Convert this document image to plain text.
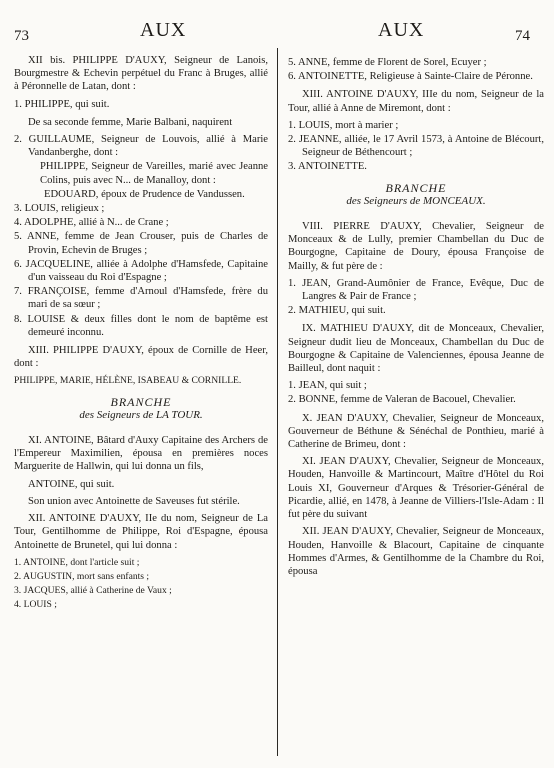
73	AUX	AUX	74

XII bis. PHILIPPE D'AUXY, Seigneur de Lanois, Bourgmestre & Echevin perpétuel du Franc à Bruges, allié à Péronnelle de Latan, dont :

1. PHILIPPE, qui suit.

De sa seconde femme, Marie Balbani, naquirent

2. GUILLAUME, Seigneur de Louvois, allié à Marie Vandanberghe, dont :

PHILIPPE, Seigneur de Vareilles, marié avec Jeanne Colins, puis avec N... de Manalloy, dont :

EDOUARD, époux de Prudence de Vandussen.

3. LOUIS, religieux ;

4. ADOLPHE, allié à N... de Crane ;

5. ANNE, femme de Jean Crouser, puis de Charles de Provin, Echevin de Bruges ;

6. JACQUELINE, alliée à Adolphe d'Hamsfede, Capitaine d'un vaisseau du Roi d'Espagne ;

7. FRANÇOISE, femme d'Arnoul d'Hamsfede, frère du mari de sa sœur ;

8. LOUISE & deux filles dont le nom de baptême est demeuré inconnu.

XIII. PHILIPPE D'AUXY, époux de Cornille de Heer, dont :

PHILIPPE, MARIE, HÉLÈNE, ISABEAU & CORNILLE.

BRANCHE

des Seigneurs de LA TOUR.

XI. ANTOINE, Bâtard d'Auxy Capitaine des Archers de l'Empereur Maximilien, épousa en premières noces Marguerite de Hallwin, qui lui donna un fils,

ANTOINE, qui suit.

Son union avec Antoinette de Saveuses fut stérile.

XII. ANTOINE D'AUXY, IIe du nom, Seigneur de La Tour, Gentilhomme de Philippe, Roi d'Espagne, épousa Antoinette de Brunetel, qui lui donna :

1. ANTOINE, dont l'article suit ;

2. AUGUSTIN, mort sans enfants ;

3. JACQUES, allié à Catherine de Vaux ;

4. LOUIS ;

5. ANNE, femme de Florent de Sorel, Ecuyer ;

6. ANTOINETTE, Religieuse à Sainte-Claire de Péronne.

XIII. ANTOINE D'AUXY, IIIe du nom, Seigneur de la Tour, allié à Anne de Miremont, dont :

1. LOUIS, mort à marier ;

2. JEANNE, alliée, le 17 Avril 1573, à Antoine de Blécourt, Seigneur de Béthencourt ;

3. ANTOINETTE.

BRANCHE

des Seigneurs de MONCEAUX.

VIII. PIERRE D'AUXY, Chevalier, Seigneur de Monceaux & de Lully, premier Chambellan du Duc de Bourgogne, Capitaine de Doury, épousa Françoise de Mailly, & fut père de :

1. JEAN, Grand-Aumônier de France, Evêque, Duc de Langres & Pair de France ;

2. MATHIEU, qui suit.

IX. MATHIEU D'AUXY, dit de Monceaux, Chevalier, Seigneur dudit lieu de Monceaux, Chambellan du Duc de Bourgogne & Capitaine de Valenciennes, épousa Jeanne de Bailleul, dont naquit :

1. JEAN, qui suit ;

2. BONNE, femme de Valeran de Bacouel, Chevalier.

X. JEAN D'AUXY, Chevalier, Seigneur de Monceaux, Gouverneur de Béthune & Sénéchal de Ponthieu, marié à Catherine de Brimeu, dont :

XI. JEAN D'AUXY, Chevalier, Seigneur de Monceaux, Houden, Hanvoille & Martincourt, Maître d'Hôtel du Roi Louis XI, Gouverneur d'Arques & Trésorier-Général de Picardie, allié, en 1478, à Jeanne de Villiers-l'Isle-Adam : Il fut père du suivant

XII. JEAN D'AUXY, Chevalier, Seigneur de Monceaux, Houden, Hanvoille & Blacourt, Capitaine de cinquante Hommes d'Armes, & Gentilhomme de la Chambre du Roi, épousa
